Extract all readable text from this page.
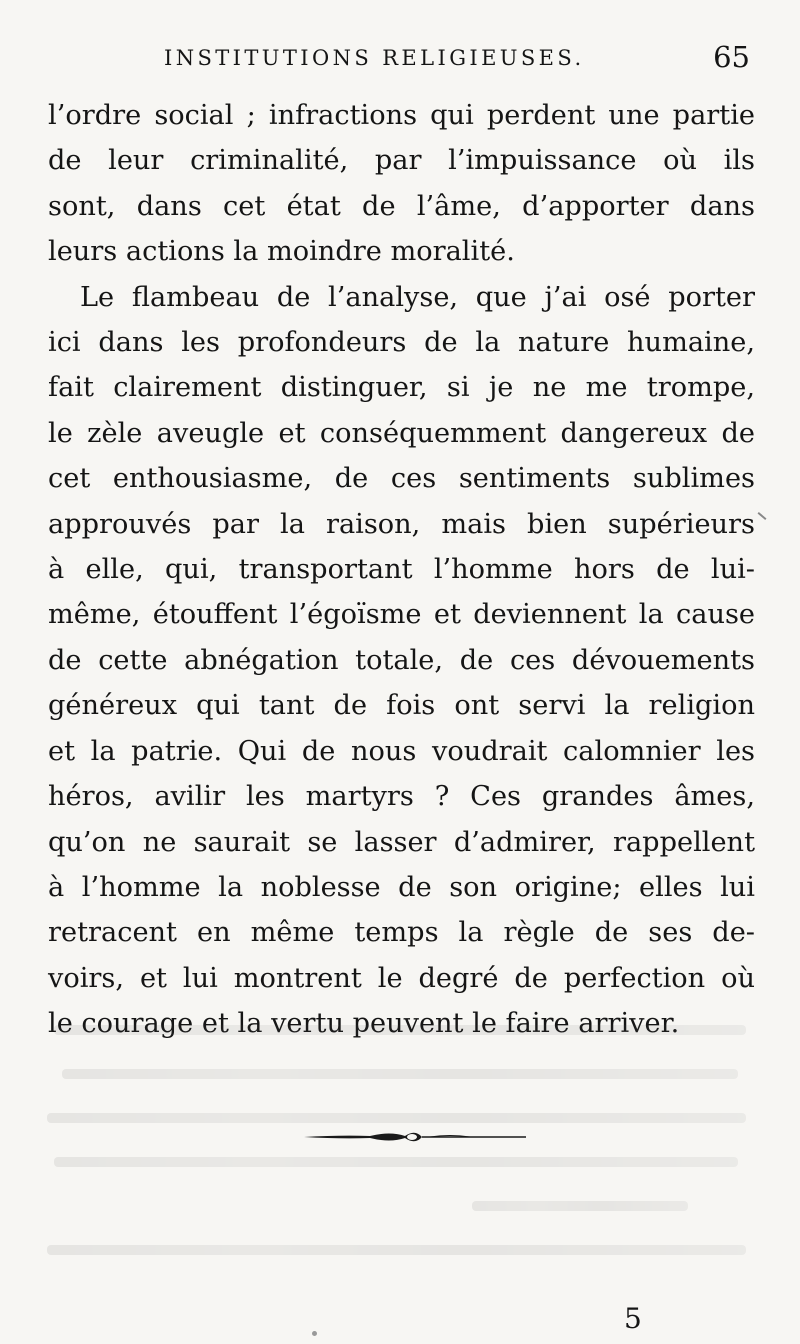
INSTITUTIONS RELIGIEUSES.	65

l’ordre social ; infractions qui perdent une partie
de leur criminalité, par l’impuissance où ils
sont, dans cet état de l’âme, d’apporter dans
leurs actions la moindre moralité.

Le flambeau de l’analyse, que j’ai osé porter
ici dans les profondeurs de la nature humaine,
fait clairement distinguer, si je ne me trompe,
le zèle aveugle et conséquemment dangereux de
cet enthousiasme, de ces sentiments sublimes
approuvés par la raison, mais bien supérieurs
à elle, qui, transportant l’homme hors de lui-
même, étouffent l’égoïsme et deviennent la cause
de cette abnégation totale, de ces dévouements
généreux qui tant de fois ont servi la religion
et la patrie. Qui de nous voudrait calomnier les
héros, avilir les martyrs ? Ces grandes âmes,
qu’on ne saurait se lasser d’admirer, rappellent
à l’homme la noblesse de son origine; elles lui
retracent en même temps la règle de ses de-
voirs, et lui montrent le degré de perfection où
le courage et la vertu peuvent le faire arriver.

5
